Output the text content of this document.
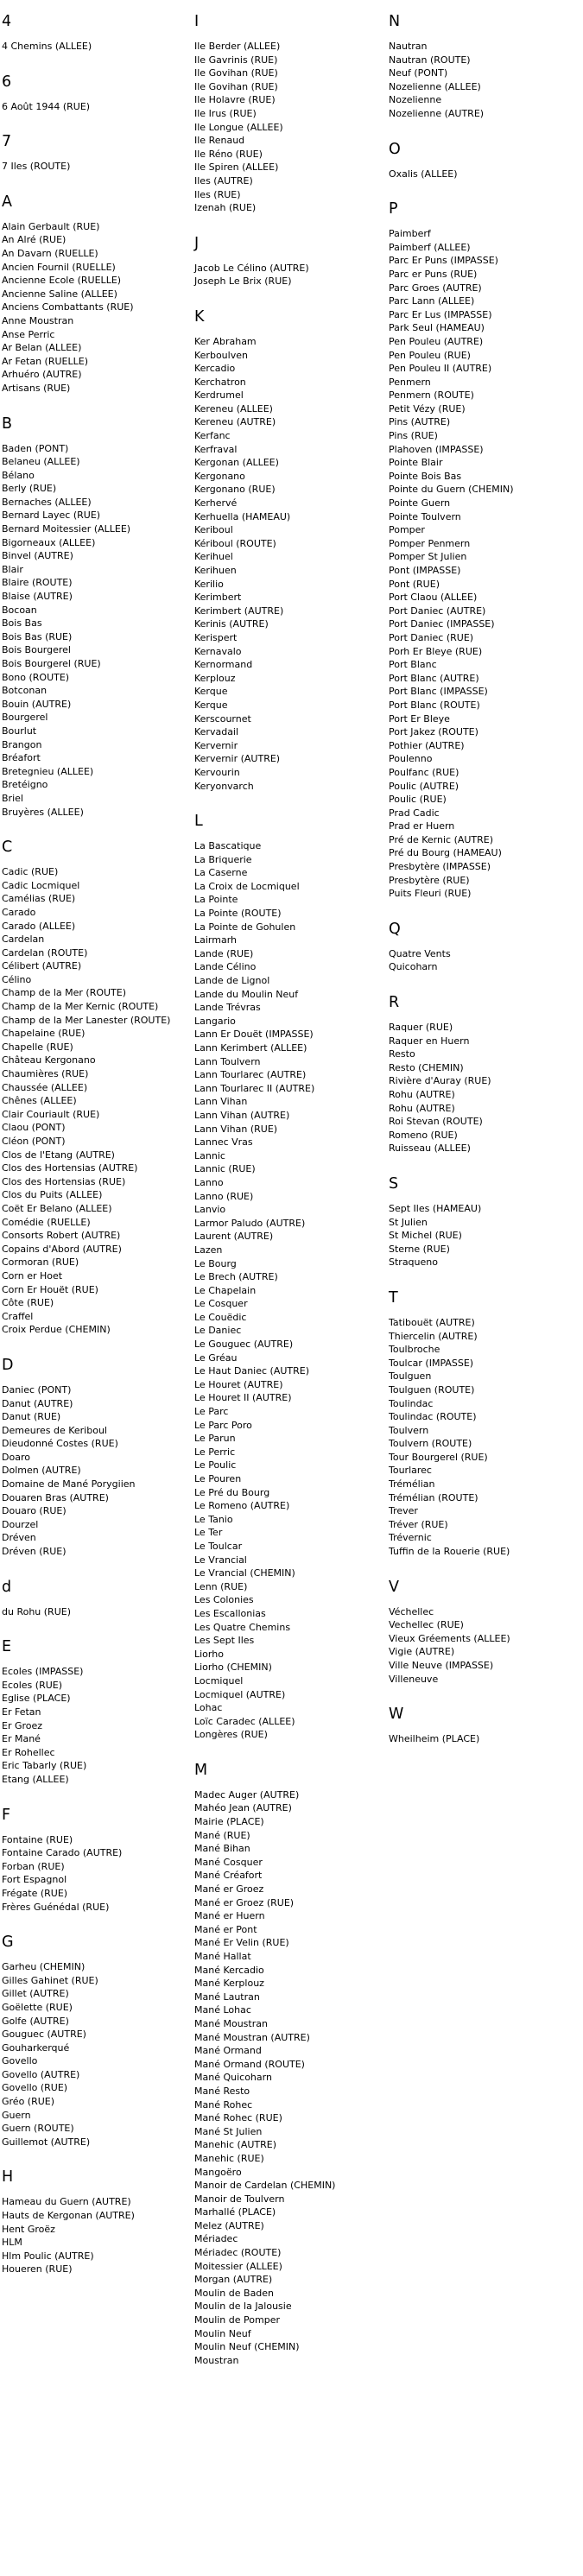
4
4 Chemins (ALLEE)
6
6 Août 1944 (RUE)
7
7 Iles (ROUTE)
A
Alain Gerbault (RUE)
An Alré (RUE)
An Davarn (RUELLE)
Ancien Fournil (RUELLE)
Ancienne Ecole (RUELLE)
Ancienne Saline (ALLEE)
Anciens Combattants (RUE)
Anne Moustran
Anse Perric
Ar Belan (ALLEE)
Ar Fetan (RUELLE)
Arhuéro (AUTRE)
Artisans (RUE)
B
Baden (PONT)
Belaneu (ALLEE)
Bélano
Berly (RUE)
Bernaches (ALLEE)
Bernard Layec (RUE)
Bernard Moitessier (ALLEE)
Bigorneaux (ALLEE)
Binvel (AUTRE)
Blair
Blaire (ROUTE)
Blaise (AUTRE)
Bocoan
Bois Bas
Bois Bas (RUE)
Bois Bourgerel
Bois Bourgerel (RUE)
Bono (ROUTE)
Botconan
Bouin (AUTRE)
Bourgerel
Bourlut
Brangon
Bréafort
Bretegnieu (ALLEE)
Bretéigno
Briel
Bruyères (ALLEE)
C
Cadic (RUE)
Cadic Locmiquel
Camélias (RUE)
Carado
Carado (ALLEE)
Cardelan
Cardelan (ROUTE)
Célibert (AUTRE)
Célino
Champ de la Mer (ROUTE)
Champ de la Mer Kernic (ROUTE)
Champ de la Mer Lanester (ROUTE)
Chapelaine (RUE)
Chapelle (RUE)
Château Kergonano
Chaumières (RUE)
Chaussée (ALLEE)
Chênes (ALLEE)
Clair Couriault (RUE)
Claou (PONT)
Cléon (PONT)
Clos de l'Etang (AUTRE)
Clos des Hortensias (AUTRE)
Clos des Hortensias (RUE)
Clos du Puits (ALLEE)
Coët Er Belano (ALLEE)
Comédie (RUELLE)
Consorts Robert (AUTRE)
Copains d'Abord (AUTRE)
Cormoran (RUE)
Corn er Hoet
Corn Er Houët (RUE)
Côte (RUE)
Craffel
Croix Perdue (CHEMIN)
D
Daniec (PONT)
Danut (AUTRE)
Danut (RUE)
Demeures de Keriboul
Dieudonné Costes (RUE)
Doaro
Dolmen (AUTRE)
Domaine de Mané Porygiien
Douaren Bras (AUTRE)
Douaro (RUE)
Dourzel
Dréven
Dréven (RUE)
d
du Rohu (RUE)
E
Ecoles (IMPASSE)
Ecoles (RUE)
Eglise (PLACE)
Er Fetan
Er Groez
Er Mané
Er Rohellec
Eric Tabarly (RUE)
Etang (ALLEE)
F
Fontaine (RUE)
Fontaine Carado (AUTRE)
Forban (RUE)
Fort Espagnol
Frégate (RUE)
Frères Guénédal (RUE)
G
Garheu (CHEMIN)
Gilles Gahinet (RUE)
Gillet (AUTRE)
Goëlette (RUE)
Golfe (AUTRE)
Gouguec (AUTRE)
Gouharkerqué
Govello
Govello (AUTRE)
Govello (RUE)
Gréo (RUE)
Guern
Guern (ROUTE)
Guillemot (AUTRE)
H
Hameau du Guern (AUTRE)
Hauts de Kergonan (AUTRE)
Hent Groëz
HLM
Hlm Poulic (AUTRE)
Houeren (RUE)
I
Ile Berder (ALLEE)
Ile Gavrinis (RUE)
Ile Govihan (RUE)
Ile Govihan (RUE)
Ile Holavre (RUE)
Ile Irus (RUE)
Ile Longue (ALLEE)
Ile Renaud
Ile Réno (RUE)
Ile Spiren (ALLEE)
Iles (AUTRE)
Iles (RUE)
Izenah (RUE)
J
Jacob Le Célino (AUTRE)
Joseph Le Brix (RUE)
K
Ker Abraham
Kerboulven
Kercadio
Kerchatron
Kerdrumel
Kereneu (ALLEE)
Kereneu (AUTRE)
Kerfanc
Kerfraval
Kergonan (ALLEE)
Kergonano
Kergonano (RUE)
Kerhervé
Kerhuella (HAMEAU)
Keriboul
Kériboul (ROUTE)
Kerihuel
Kerihuen
Kerilio
Kerimbert
Kerimbert (AUTRE)
Kerinis (AUTRE)
Kerispert
Kernavalo
Kernormand
Kerplouz
Kerque
Kerque
Kerscournet
Kervadail
Kervernir
Kervernir (AUTRE)
Kervourin
Keryonvarch
L
La Bascatique
La Briquerie
La Caserne
La Croix de Locmiquel
La Pointe
La Pointe (ROUTE)
La Pointe de Gohulen
Lairmarh
Lande (RUE)
Lande Célino
Lande de Lignol
Lande du Moulin Neuf
Lande Trévras
Langario
Lann Er Douët (IMPASSE)
Lann Kerimbert (ALLEE)
Lann Toulvern
Lann Tourlarec (AUTRE)
Lann Tourlarec II (AUTRE)
Lann Vihan
Lann Vihan (AUTRE)
Lann Vihan (RUE)
Lannec Vras
Lannic
Lannic (RUE)
Lanno
Lanno (RUE)
Lanvio
Larmor Paludo (AUTRE)
Laurent (AUTRE)
Lazen
Le Bourg
Le Brech (AUTRE)
Le Chapelain
Le Cosquer
Le Couëdic
Le Daniec
Le Gouguec (AUTRE)
Le Gréau
Le Haut Daniec (AUTRE)
Le Houret (AUTRE)
Le Houret II (AUTRE)
Le Parc
Le Parc Poro
Le Parun
Le Perric
Le Poulic
Le Pouren
Le Pré du Bourg
Le Romeno (AUTRE)
Le Tanio
Le Ter
Le Toulcar
Le Vrancial
Le Vrancial (CHEMIN)
Lenn (RUE)
Les Colonies
Les Escallonias
Les Quatre Chemins
Les Sept Iles
Liorho
Liorho (CHEMIN)
Locmiquel
Locmiquel (AUTRE)
Lohac
Loïc Caradec (ALLEE)
Longères (RUE)
M
Madec Auger (AUTRE)
Mahéo Jean (AUTRE)
Mairie (PLACE)
Mané (RUE)
Mané Bihan
Mané Cosquer
Mané Créafort
Mané er Groez
Mané er Groez (RUE)
Mané er Huern
Mané er Pont
Mané Er Velin (RUE)
Mané Hallat
Mané Kercadio
Mané Kerplouz
Mané Lautran
Mané Lohac
Mané Moustran
Mané Moustran (AUTRE)
Mané Ormand
Mané Ormand (ROUTE)
Mané Quicoharn
Mané Resto
Mané Rohec
Mané Rohec (RUE)
Mané St Julien
Manehic (AUTRE)
Manehic (RUE)
Mangoëro
Manoir de Cardelan (CHEMIN)
Manoir de Toulvern
Marhallé (PLACE)
Melez (AUTRE)
Mériadec
Mériadec (ROUTE)
Moitessier (ALLEE)
Morgan (AUTRE)
Moulin de Baden
Moulin de la Jalousie
Moulin de Pomper
Moulin Neuf
Moulin Neuf (CHEMIN)
Moustran
N
Nautran
Nautran (ROUTE)
Neuf (PONT)
Nozelienne (ALLEE)
Nozelienne
Nozelienne (AUTRE)
O
Oxalis (ALLEE)
P
Paimberf
Paimberf (ALLEE)
Parc Er Puns (IMPASSE)
Parc er Puns (RUE)
Parc Groes (AUTRE)
Parc Lann (ALLEE)
Parc Er Lus (IMPASSE)
Park Seul (HAMEAU)
Pen Pouleu (AUTRE)
Pen Pouleu (RUE)
Pen Pouleu II (AUTRE)
Penmern
Penmern (ROUTE)
Petit Vézy (RUE)
Pins (AUTRE)
Pins (RUE)
Plahoven (IMPASSE)
Pointe Blair
Pointe Bois Bas
Pointe du Guern (CHEMIN)
Pointe Guern
Pointe Toulvern
Pomper
Pomper Penmern
Pomper St Julien
Pont (IMPASSE)
Pont (RUE)
Port Claou (ALLEE)
Port Daniec (AUTRE)
Port Daniec (IMPASSE)
Port Daniec (RUE)
Porh Er Bleye (RUE)
Port Blanc
Port Blanc (AUTRE)
Port Blanc (IMPASSE)
Port Blanc (ROUTE)
Port Er Bleye
Port Jakez (ROUTE)
Pothier (AUTRE)
Poulenno
Poulfanc (RUE)
Poulic (AUTRE)
Poulic (RUE)
Prad Cadic
Prad er Huern
Pré de Kernic (AUTRE)
Pré du Bourg (HAMEAU)
Presbytère (IMPASSE)
Presbytère (RUE)
Puits Fleuri (RUE)
Q
Quatre Vents
Quicoharn
R
Raquer (RUE)
Raquer en Huern
Resto
Resto (CHEMIN)
Rivière d'Auray (RUE)
Rohu (AUTRE)
Rohu (AUTRE)
Roi Stevan (ROUTE)
Romeno (RUE)
Ruisseau (ALLEE)
S
Sept Iles (HAMEAU)
St Julien
St Michel (RUE)
Sterne (RUE)
Straqueno
T
Tatibouët (AUTRE)
Thiercelin (AUTRE)
Toulbroche
Toulcar (IMPASSE)
Toulguen
Toulguen (ROUTE)
Toulindac
Toulindac (ROUTE)
Toulvern
Toulvern (ROUTE)
Tour Bourgerel (RUE)
Tourlarec
Trémélian
Trémélian (ROUTE)
Trever
Tréver (RUE)
Trévernic
Tuffin de la Rouerie (RUE)
V
Véchellec
Vechellec (RUE)
Vieux Gréements (ALLEE)
Vigie (AUTRE)
Ville Neuve (IMPASSE)
Villeneuve
W
Wheilheim (PLACE)
